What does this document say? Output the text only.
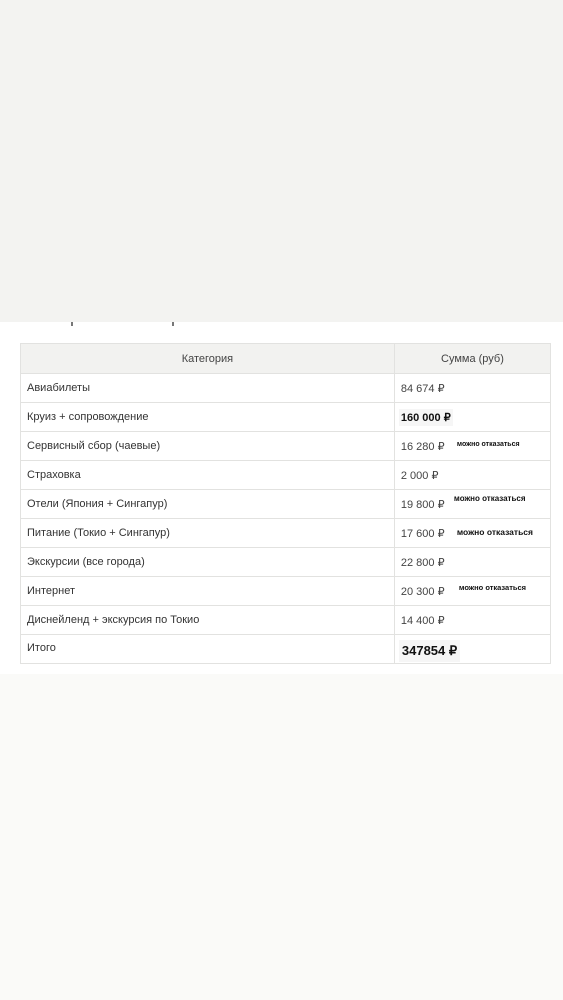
Категория	Сумма (руб)
Авиабилеты	84 674 ₽
Круиз + сопровождение	160 000 ₽
Сервисный сбор (чаевые)	16 280 ₽ можно отказаться

Страховка	2 000 ₽
Отели (Япония + Сингапур)	19 800 ₽ можно отказаться

Питание (Токио + Сингапур)	17 600 ₽ можно отказаться

Экскурсии (все города)	22 800 ₽
Интернет	20 300 ₽ можно отказаться

Диснейленд + экскурсия по Токио	14 400 ₽
Итого	347854 ₽
